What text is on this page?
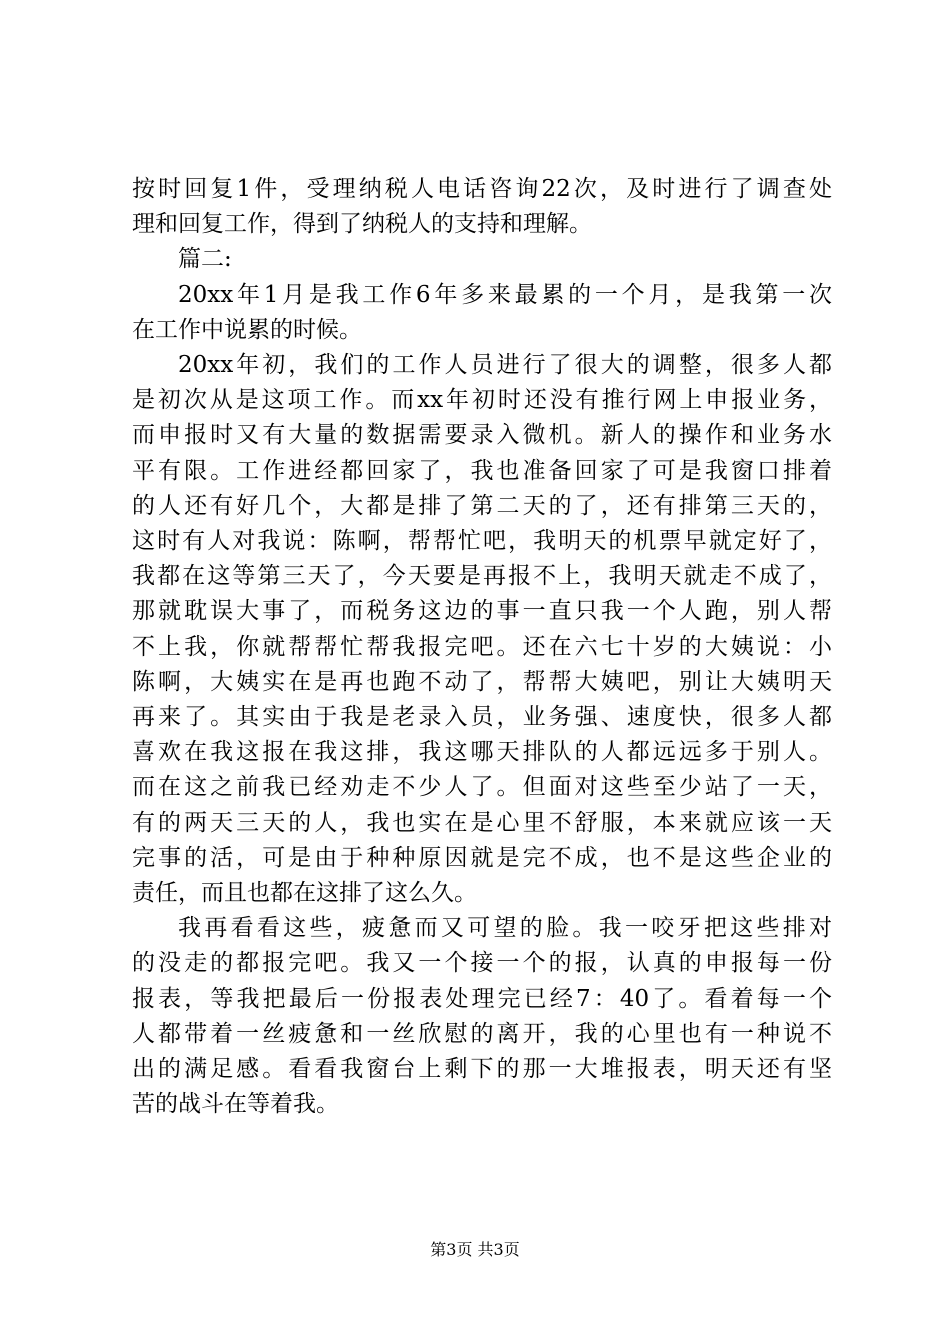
按时回复1件，受理纳税人电话咨询22次，及时进行了调查处
理和回复工作，得到了纳税人的支持和理解。
篇二:
20xx年1月是我工作6年多来最累的一个月，是我第一次
在工作中说累的时候。
20xx年初，我们的工作人员进行了很大的调整，很多人都
是初次从是这项工作。而xx年初时还没有推行网上申报业务，
而申报时又有大量的数据需要录入微机。新人的操作和业务水
平有限。工作进经都回家了，我也准备回家了可是我窗口排着
的人还有好几个，大都是排了第二天的了，还有排第三天的，
这时有人对我说：陈啊，帮帮忙吧，我明天的机票早就定好了，
我都在这等第三天了，今天要是再报不上，我明天就走不成了，
那就耽误大事了，而税务这边的事一直只我一个人跑，别人帮
不上我，你就帮帮忙帮我报完吧。还在六七十岁的大姨说：小
陈啊，大姨实在是再也跑不动了，帮帮大姨吧，别让大姨明天
再来了。其实由于我是老录入员，业务强、速度快，很多人都
喜欢在我这报在我这排，我这哪天排队的人都远远多于别人。
而在这之前我已经劝走不少人了。但面对这些至少站了一天，
有的两天三天的人，我也实在是心里不舒服，本来就应该一天
完事的活，可是由于种种原因就是完不成，也不是这些企业的
责任，而且也都在这排了这么久。
我再看看这些，疲惫而又可望的脸。我一咬牙把这些排对
的没走的都报完吧。我又一个接一个的报，认真的申报每一份
报表，等我把最后一份报表处理完已经7：40了。看着每一个
人都带着一丝疲惫和一丝欣慰的离开，我的心里也有一种说不
出的满足感。看看我窗台上剩下的那一大堆报表，明天还有坚
苦的战斗在等着我。
第3页 共3页
